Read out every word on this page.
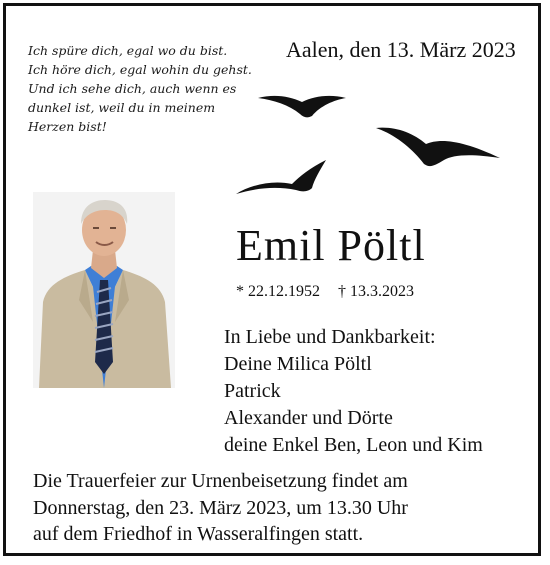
Ich spüre dich, egal wo du bist.
Ich höre dich, egal wohin du gehst.
Und ich sehe dich, auch wenn es
dunkel ist, weil du in meinem
Herzen bist!
Aalen, den 13. März 2023
Emil Pöltl
* 22.12.1952 † 13.3.2023
In Liebe und Dankbarkeit:
Deine Milica Pöltl
Patrick
Alexander und Dörte
deine Enkel Ben, Leon und Kim
Die Trauerfeier zur Urnenbeisetzung findet am
Donnerstag, den 23. März 2023, um 13.30 Uhr
auf dem Friedhof in Wasseralfingen statt.
